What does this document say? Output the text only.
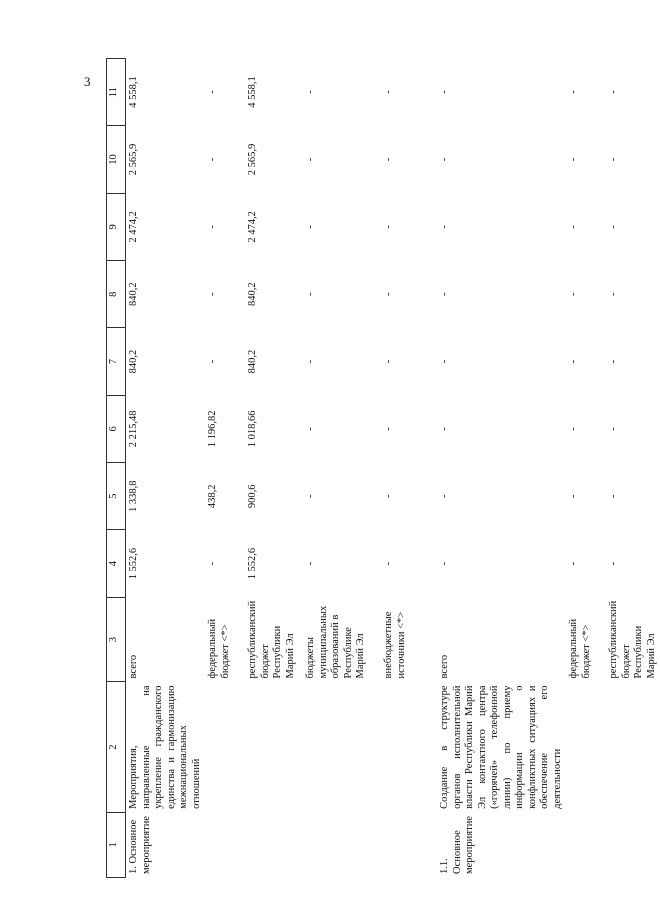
3
1	2	3	4	5	6	7	8	9	10	11
1. Основное мероприятие	Мероприятия, направленные на укрепление гражданского единства и гармонизацию межнациональных отношений	всего	1 552,6	1 338,8	2 215,48	840,2	840,2	2 474,2	2 565,9	4 558,1
		федеральный бюджет <*>	-	438,2	1 196,82	-	-	-	-	-
		республиканский бюджет Республики Марий Эл	1 552,6	900,6	1 018,66	840,2	840,2	2 474,2	2 565,9	4 558,1
		бюджеты муниципальных образований в Республике Марий Эл	-	-	-	-	-	-	-	-
		внебюджетные источники <*>	-	-	-	-	-	-	-	-

1.1. Основное мероприятие	Создание в структуре органов исполнительной власти Республики Марий Эл контактного центра («горячей» телефонной линии) по приему информации о конфликтных ситуациях и обеспечение его деятельности	всего	-	-	-	-	-	-	-	-
		федеральный бюджет <*>	-	-	-	-	-	-	-	-
		республиканский бюджет Республики Марий Эл	-	-	-	-	-	-	-	-
